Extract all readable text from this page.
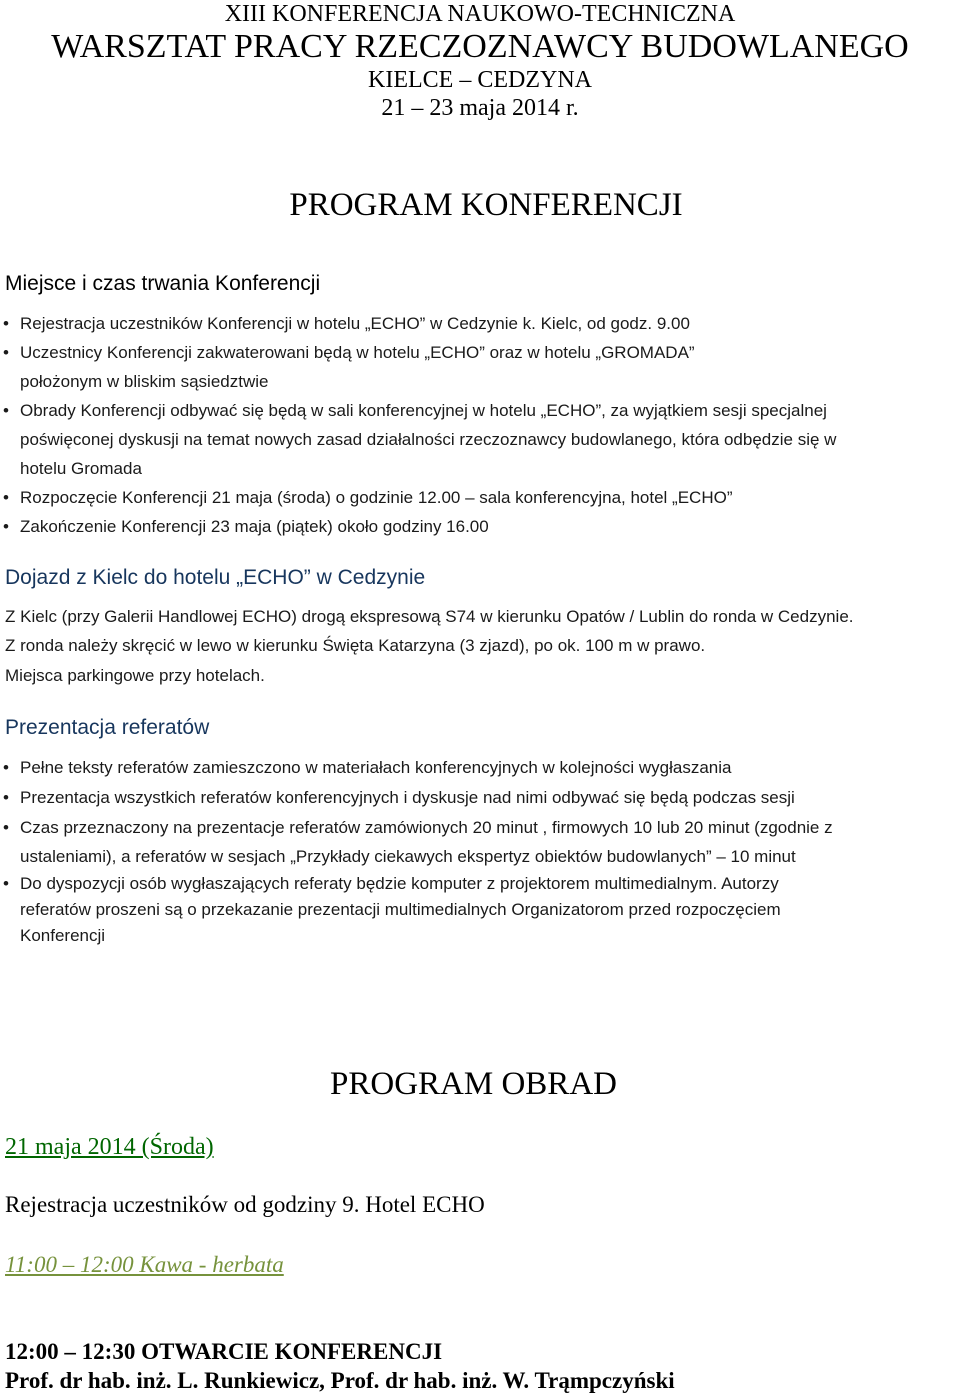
XIII KONFERENCJA NAUKOWO-TECHNICZNA
WARSZTAT PRACY RZECZOZNAWCY BUDOWLANEGO
KIELCE – CEDZYNA
21 – 23 maja 2014 r.
PROGRAM KONFERENCJI
Miejsce i czas trwania Konferencji
• Rejestracja uczestników Konferencji w hotelu „ECHO” w Cedzynie k. Kielc, od godz. 9.00
• Uczestnicy Konferencji zakwaterowani będą w hotelu „ECHO” oraz w hotelu „GROMADA”
położonym w bliskim sąsiedztwie
• Obrady Konferencji odbywać się będą w sali konferencyjnej w hotelu „ECHO”, za wyjątkiem sesji specjalnej
poświęconej dyskusji na temat nowych zasad działalności rzeczoznawcy budowlanego, która odbędzie się w
hotelu Gromada
• Rozpoczęcie Konferencji 21 maja (środa) o godzinie 12.00 – sala konferencyjna, hotel „ECHO”
• Zakończenie Konferencji 23 maja (piątek) około godziny 16.00
Dojazd z Kielc do hotelu „ECHO” w Cedzynie
Z Kielc (przy Galerii Handlowej ECHO) drogą ekspresową S74 w kierunku Opatów / Lublin do ronda w Cedzynie.
Z ronda należy skręcić w lewo w kierunku Święta Katarzyna (3 zjazd), po ok. 100 m w prawo.
Miejsca parkingowe przy hotelach.
Prezentacja referatów
• Pełne teksty referatów zamieszczono w materiałach konferencyjnych w kolejności wygłaszania
• Prezentacja wszystkich referatów konferencyjnych i dyskusje nad nimi odbywać się będą podczas sesji
• Czas przeznaczony na prezentacje referatów zamówionych 20 minut , firmowych 10 lub 20 minut (zgodnie z
ustaleniami), a referatów w sesjach „Przykłady ciekawych ekspertyz obiektów budowlanych” – 10 minut
• Do dyspozycji osób wygłaszających referaty będzie komputer z projektorem multimedialnym. Autorzy
referatów proszeni są o przekazanie prezentacji multimedialnych Organizatorom przed rozpoczęciem
Konferencji
PROGRAM OBRAD
21 maja 2014 (Środa)
Rejestracja uczestników od godziny 9. Hotel ECHO
11:00 – 12:00 Kawa - herbata
12:00 – 12:30 OTWARCIE KONFERENCJI
Prof. dr hab. inż. L. Runkiewicz, Prof. dr hab. inż. W. Trąmpczyński
